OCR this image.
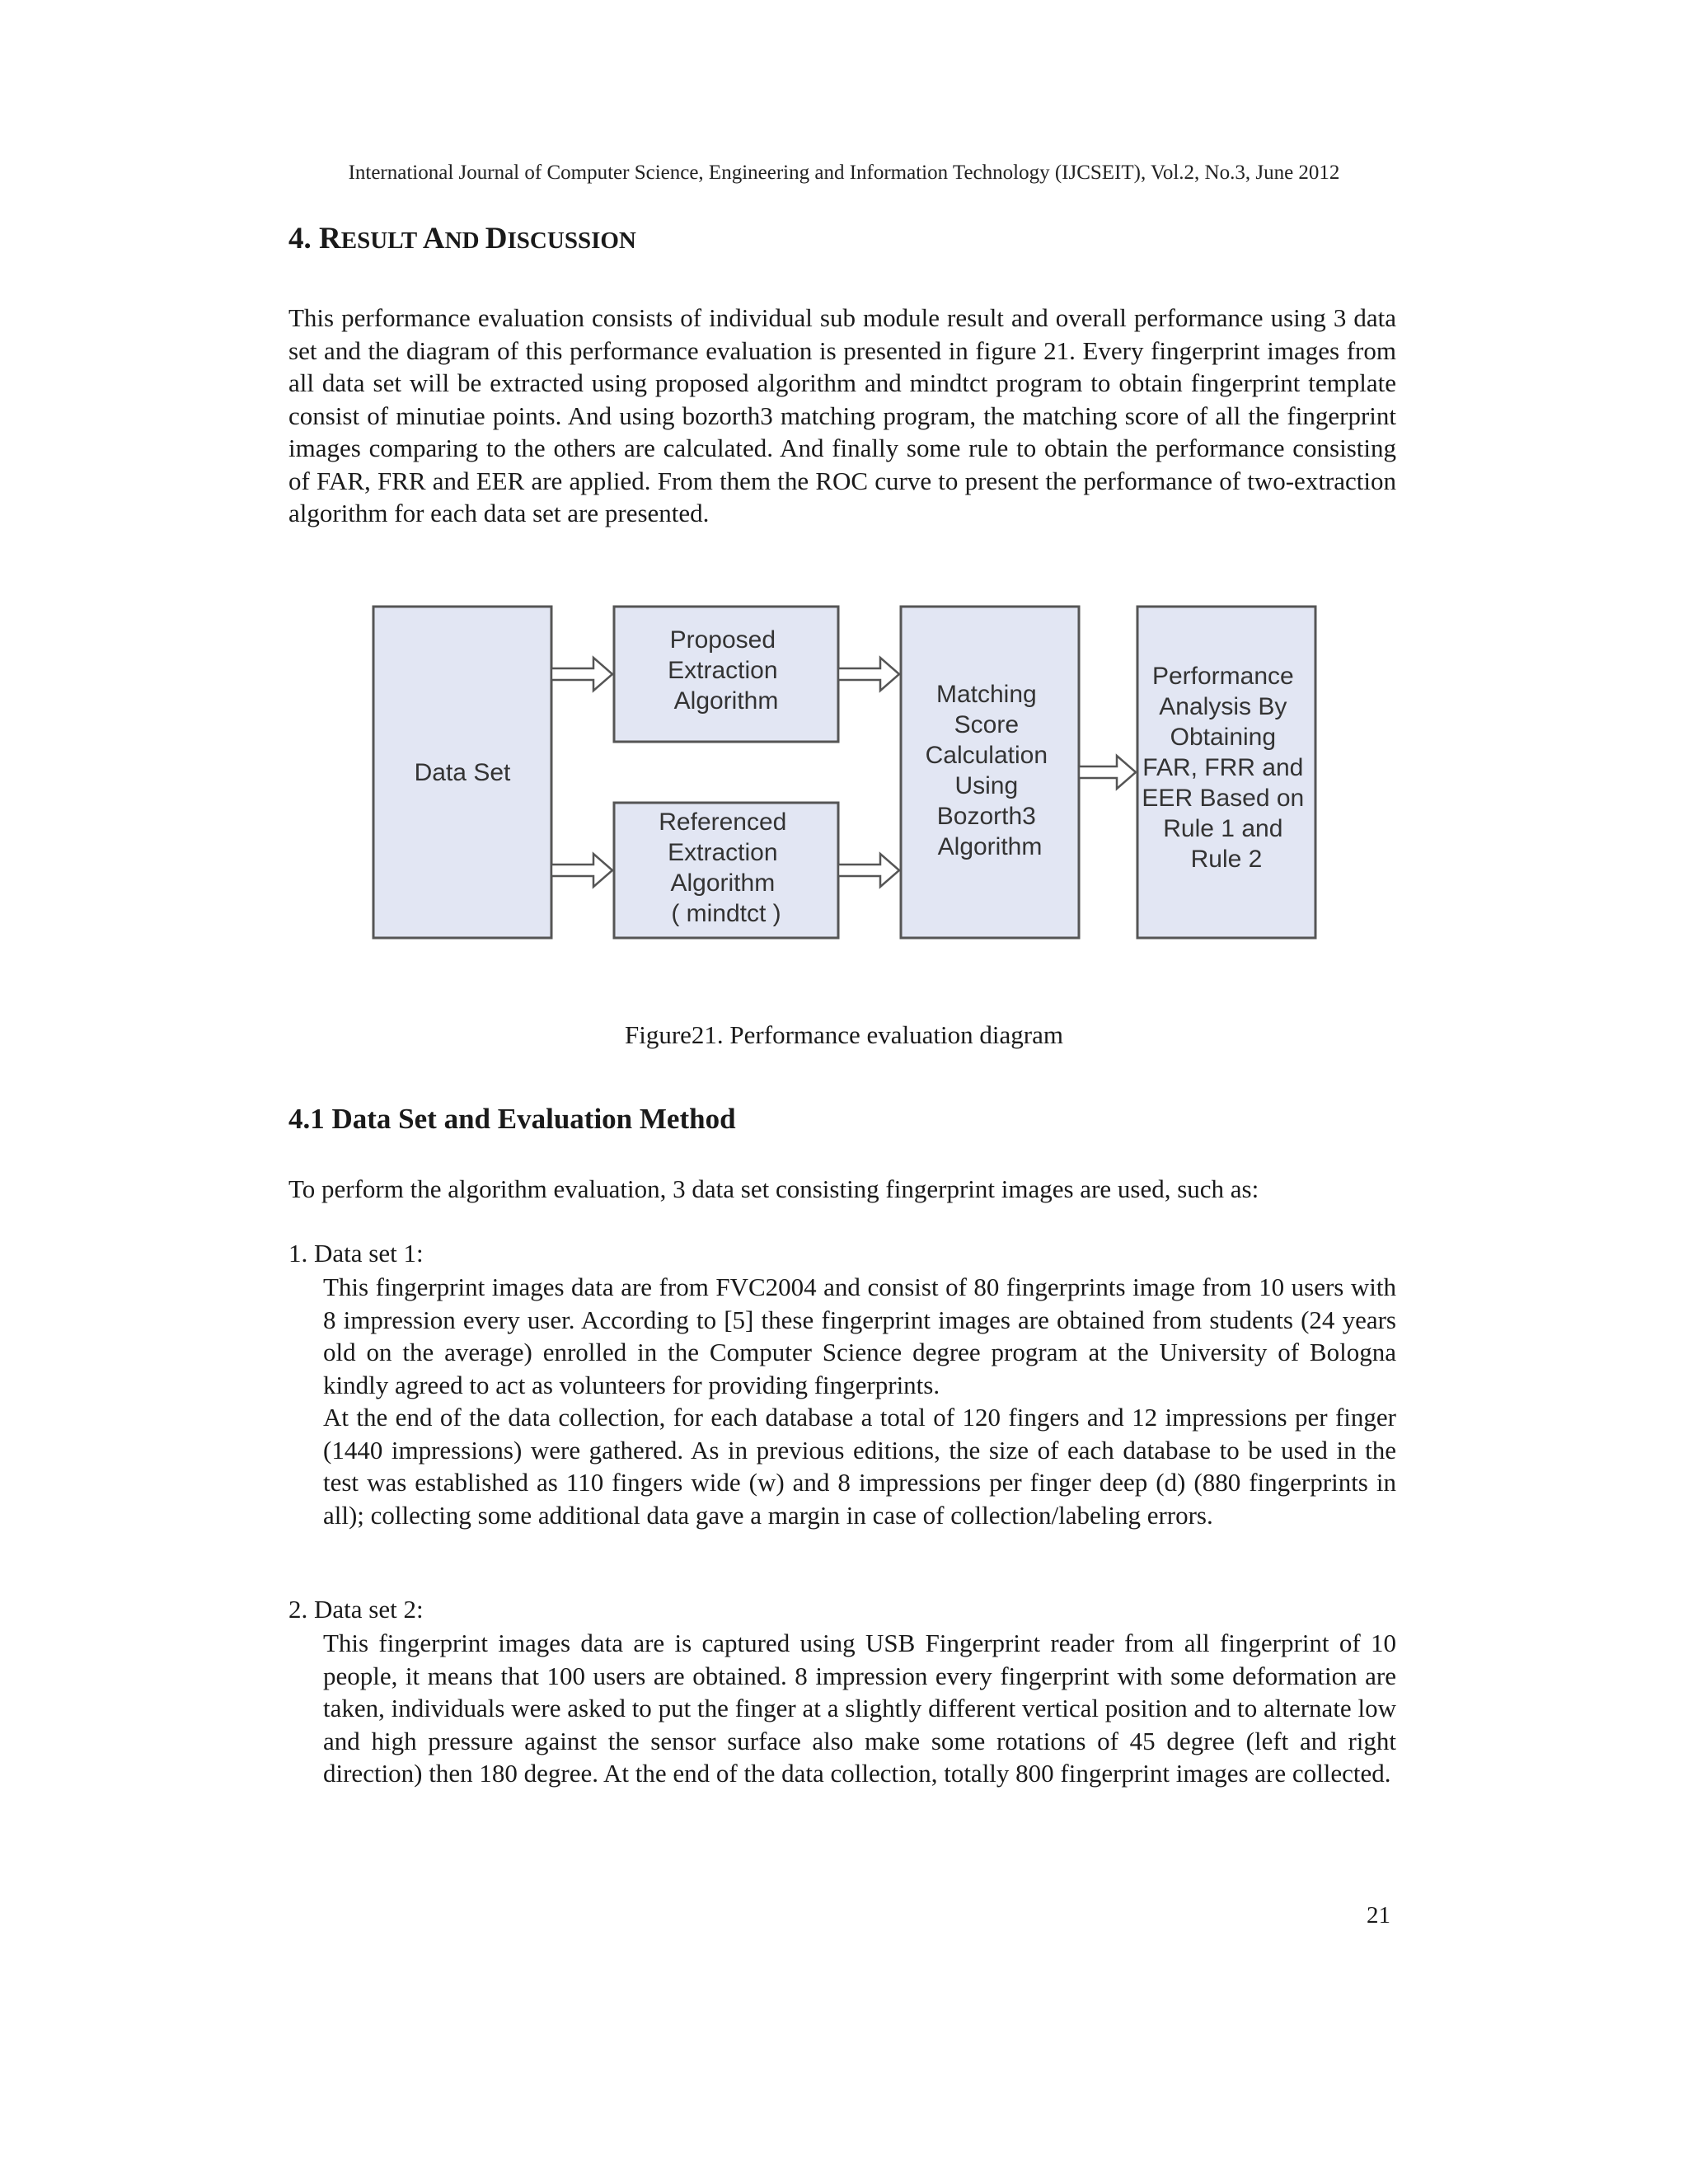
International Journal of Computer Science, Engineering and Information Technology (IJCSEIT), Vol.2, No.3, June 2012
4. RESULT AND DISCUSSION

This performance evaluation consists of individual sub module result and overall performance using 3 data set and the diagram of this performance evaluation is presented in figure 21. Every fingerprint images from all data set will be extracted using proposed algorithm and mindtct program to obtain fingerprint template consist of minutiae points. And using bozorth3 matching program, the matching score of all the fingerprint images comparing to the others are calculated. And finally some rule to obtain the performance consisting of FAR, FRR and EER are applied. From them the ROC curve to present the performance of two-extraction algorithm for each data set are presented.

Data Set
Proposed Extraction Algorithm
Referenced Extraction Algorithm ( mindtct )
Matching Score Calculation Using Bozorth3 Algorithm
Performance Analysis By Obtaining FAR, FRR and EER Based on Rule 1 and Rule 2
Figure21. Performance evaluation diagram
4.1 Data Set and Evaluation Method

To perform the algorithm evaluation, 3 data set consisting fingerprint images are used, such as:

1. Data set 1:

This fingerprint images data are from FVC2004 and consist of 80 fingerprints image from 10 users with 8 impression every user. According to [5] these fingerprint images are obtained from students (24 years old on the average) enrolled in the Computer Science degree program at the University of Bologna kindly agreed to act as volunteers for providing fingerprints.

At the end of the data collection, for each database a total of 120 fingers and 12 impressions per finger (1440 impressions) were gathered. As in previous editions, the size of each database to be used in the test was established as 110 fingers wide (w) and 8 impressions per finger deep (d) (880 fingerprints in all); collecting some additional data gave a margin in case of collection/labeling errors.

2. Data set 2:

This fingerprint images data are is captured using USB Fingerprint reader from all fingerprint of 10 people, it means that 100 users are obtained. 8 impression every fingerprint with some deformation are taken, individuals were asked to put the finger at a slightly different vertical position and to alternate low and high pressure against the sensor surface also make some rotations of 45 degree (left and right direction) then 180 degree. At the end of the data collection, totally 800 fingerprint images are collected.

21
